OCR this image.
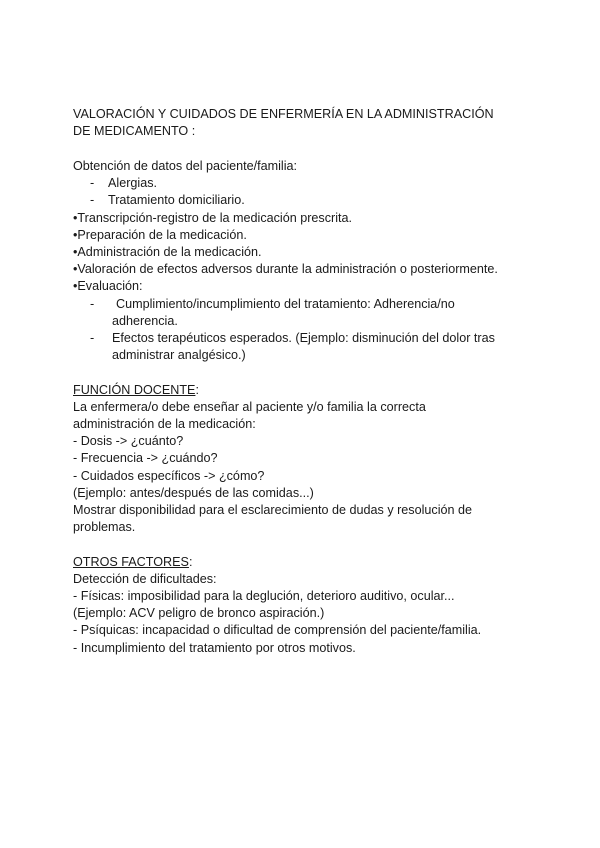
VALORACIÓN Y CUIDADOS DE ENFERMERÍA EN LA ADMINISTRACIÓN
DE MEDICAMENTO :
Obtención de datos del paciente/familia:
- Alergias.
- Tratamiento domiciliario.
•Transcripción-registro de la medicación prescrita.
•Preparación de la medicación.
•Administración de la medicación.
•Valoración de efectos adversos durante la administración o posteriormente.
•Evaluación:
-	Cumplimiento/incumplimiento del tratamiento: Adherencia/no
adherencia.
- Efectos terapéuticos esperados. (Ejemplo: disminución del dolor tras
administrar analgésico.)
FUNCIÓN DOCENTE:
La enfermera/o debe enseñar al paciente y/o familia la correcta
administración de la medicación:
- Dosis -> ¿cuánto?
- Frecuencia -> ¿cuándo?
- Cuidados específicos -> ¿cómo?
(Ejemplo: antes/después de las comidas...)
Mostrar disponibilidad para el esclarecimiento de dudas y resolución de
problemas.
OTROS FACTORES:
Detección de dificultades:
- Físicas: imposibilidad para la deglución, deterioro auditivo, ocular...
(Ejemplo: ACV peligro de bronco aspiración.)
- Psíquicas: incapacidad o dificultad de comprensión del paciente/familia.
- Incumplimiento del tratamiento por otros motivos.
